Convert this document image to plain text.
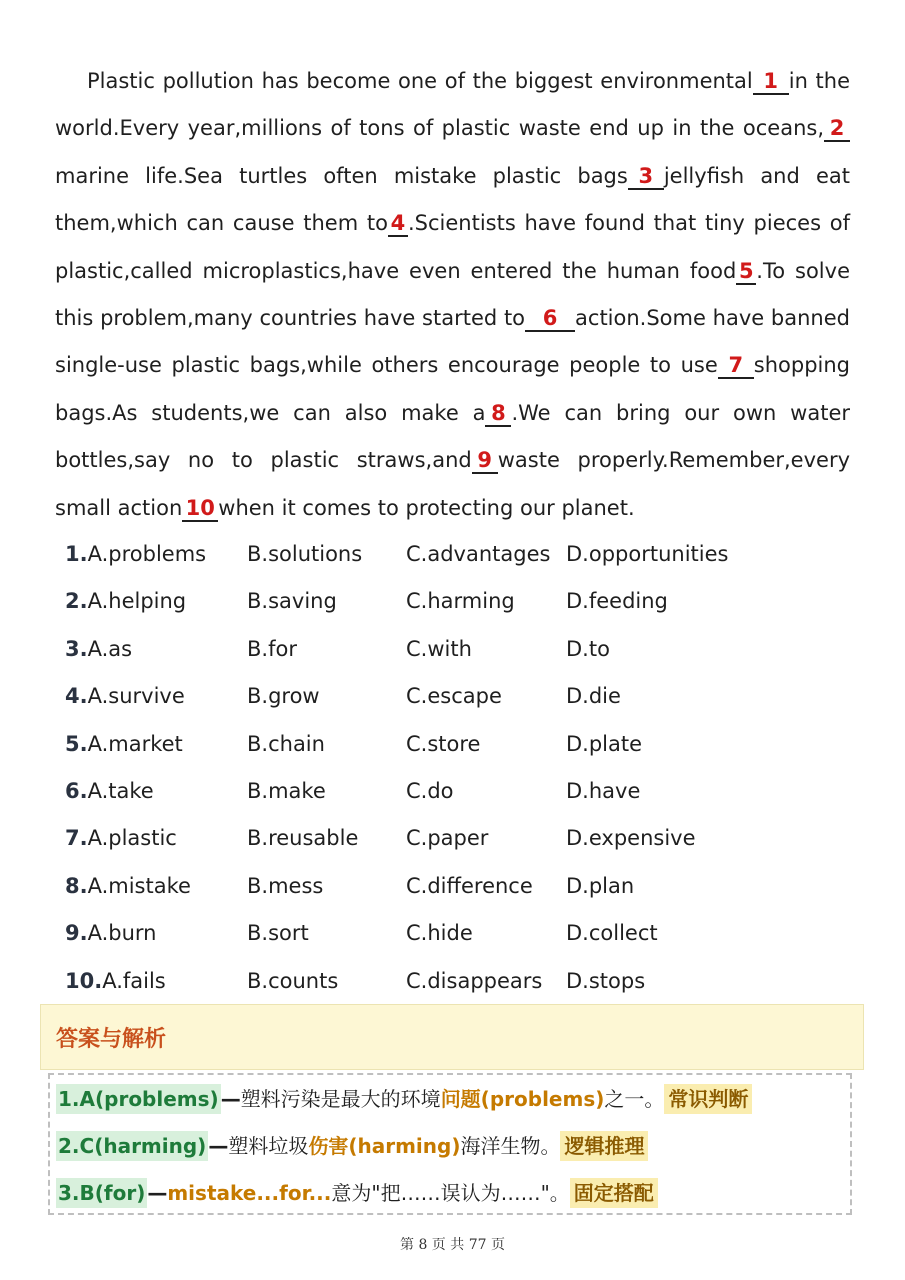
Plastic pollution has become one of the biggest environmental 1 in the world.Every year,millions of tons of plastic waste end up in the oceans, 2marine life.Sea turtles often mistake plastic bags 3 jellyfish and eat them,which can cause them to 4 .Scientists have found that tiny pieces of plastic,called microplastics,have even entered the human food 5 .To solve this problem,many countries have started to 6 action.Some have banned single-use plastic bags,while others encourage people to use 7 shopping bags.As students,we can also make a 8 .We can bring our own water bottles,say no to plastic straws,and 9 waste properly.Remember,every small action 10 when it comes to protecting our planet.

1.A.problems B.solutions C.advantages D.opportunities
2.A.helping	B.saving	C.harming D.feeding
3.A.as	B.for	C.with	D.to
4.A.survive	B.grow	C.escape	D.die
5.A.market	B.chain	C.store	D.plate
6.A.take	B.make	C.do	D.have
7.A.plastic	B.reusable C.paper	D.expensive
8.A.mistake	B.mess	C.difference D.plan
9.A.burn	B.sort	C.hide	D.collect
10.A.fails	B.counts	C.disappears D.stops
答案与解析
1.A(problems) —塑料污染是最大的环境问题(problems)之一。 常识判断
2.C(harming) —塑料垃圾伤害(harming)海洋生物。 逻辑推理
3.B(for) —mistake...for...意为"把……误认为……"。 固定搭配
第 8 页 共 77 页
